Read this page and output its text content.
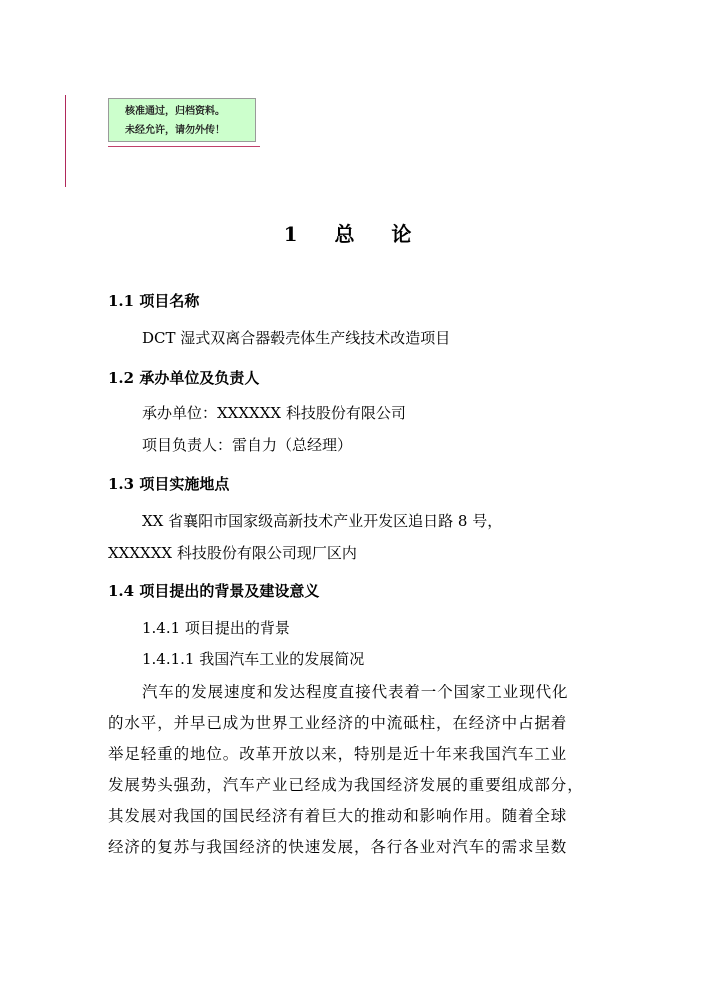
核准通过，归档资料。
未经允许，请勿外传！
1 总 论
1.1 项目名称
DCT 湿式双离合器毂壳体生产线技术改造项目
1.2 承办单位及负责人
承办单位：XXXXXX 科技股份有限公司
项目负责人：雷自力（总经理）
1.3 项目实施地点
XX 省襄阳市国家级高新技术产业开发区追日路 8 号，
XXXXXX 科技股份有限公司现厂区内
1.4 项目提出的背景及建设意义
1.4.1 项目提出的背景
1.4.1.1 我国汽车工业的发展简况
汽车的发展速度和发达程度直接代表着一个国家工业现代化
的水平，并早已成为世界工业经济的中流砥柱，在经济中占据着
举足轻重的地位。改革开放以来，特别是近十年来我国汽车工业
发展势头强劲，汽车产业已经成为我国经济发展的重要组成部分，
其发展对我国的国民经济有着巨大的推动和影响作用。随着全球
经济的复苏与我国经济的快速发展，各行各业对汽车的需求呈数
